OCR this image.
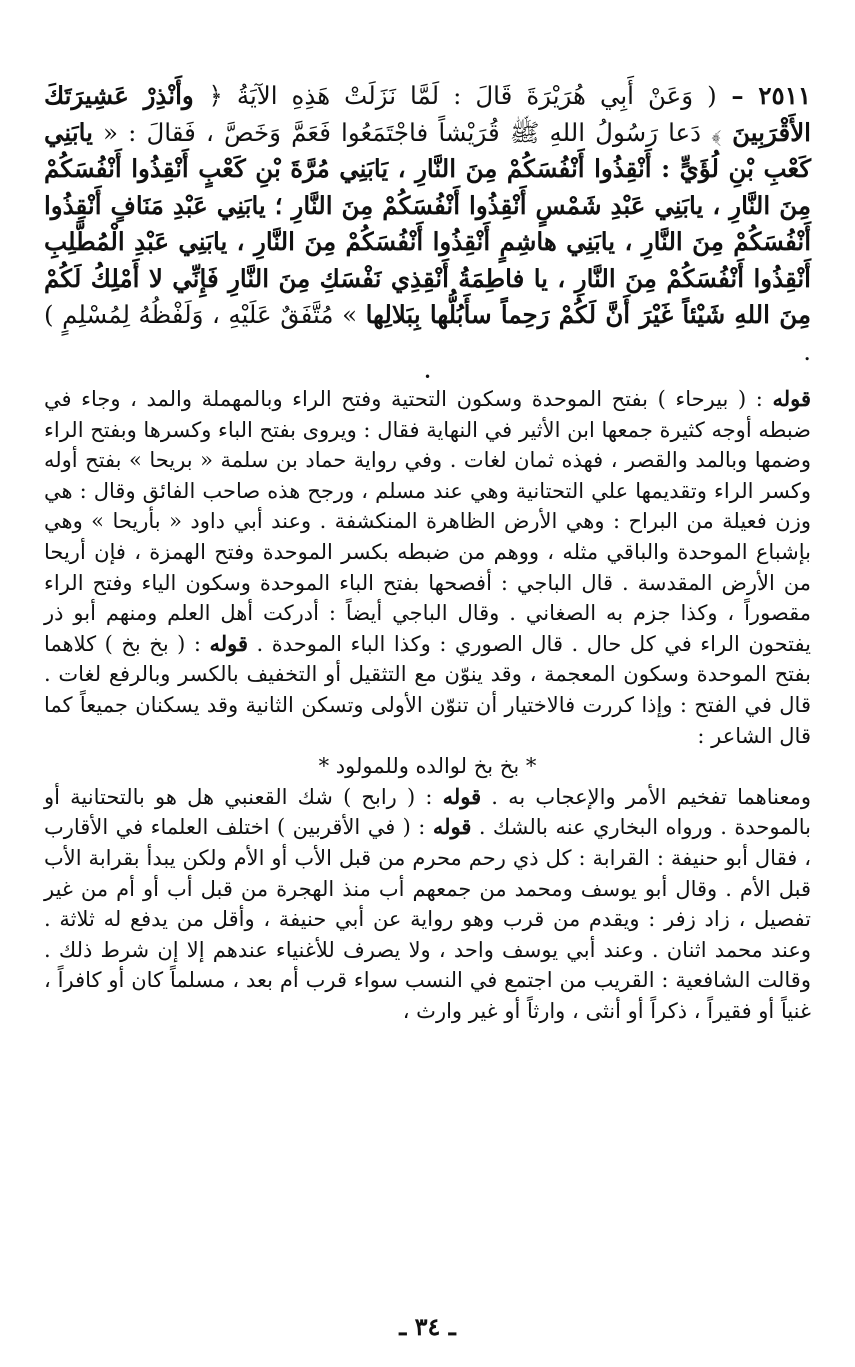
٢٥١١ – ( وَعَنْ أَبِي هُرَيْرَةَ قَالَ : لَمَّا نَزَلَتْ هَذِهِ الآيَةُ ﴿ وأَنْذِرْ عَشِيرَتَكَ الأَقْرَبِينَ ﴾ دَعا رَسُولُ اللهِ ﷺ قُرَيْشاً فاجْتَمَعُوا فَعَمَّ وَخَصَّ ، فَقالَ : « يابَنِي كَعْبِ بْنِ لُؤَيٍّ : أَنْقِذُوا أَنْفُسَكُمْ مِنَ النَّارِ ، يَابَنِي مُرَّةَ بْنِ كَعْبٍ أَنْقِذُوا أَنْفُسَكُمْ مِنَ النَّارِ ، يابَنِي عَبْدِ شَمْسٍ أَنْقِذُوا أَنْفُسَكُمْ مِنَ النَّارِ ؛ يابَنِي عَبْدِ مَنَافٍ أَنْقِذُوا أَنْفُسَكُمْ مِنَ النَّارِ ، يابَنِي هاشِمٍ أَنْقِذُوا أَنْفُسَكُمْ مِنَ النَّارِ ، يابَنِي عَبْدِ الْمُطَّلِبِ أَنْقِذُوا أَنْفُسَكُمْ مِنَ النَّارِ ، يا فاطِمَةُ أَنْقِذِي نَفْسَكِ مِنَ النَّارِ فَإِنِّي لا أَمْلِكُ لَكُمْ مِنَ اللهِ شَيْئاً غَيْرَ أَنَّ لَكُمْ رَحِماً سأَبُلُّها بِبَلالِها » مُتَّفَقٌ عَلَيْهِ ، وَلَفْظُهُ لِمُسْلِمٍ ) .

•

قوله : ( بيرحاء ) بفتح الموحدة وسكون التحتية وفتح الراء وبالمهملة والمد ، وجاء في ضبطه أوجه كثيرة جمعها ابن الأثير في النهاية فقال : ويروى بفتح الباء وكسرها وبفتح الراء وضمها وبالمد والقصر ، فهذه ثمان لغات . وفي رواية حماد بن سلمة « بريحا » بفتح أوله وكسر الراء وتقديمها علي التحتانية وهي عند مسلم ، ورجح هذه صاحب الفائق وقال : هي وزن فعيلة من البراح : وهي الأرض الظاهرة المنكشفة . وعند أبي داود « بأريحا » وهي بإشباع الموحدة والباقي مثله ، ووهم من ضبطه بكسر الموحدة وفتح الهمزة ، فإن أريحا من الأرض المقدسة . قال الباجي : أفصحها بفتح الباء الموحدة وسكون الياء وفتح الراء مقصوراً ، وكذا جزم به الصغاني . وقال الباجي أيضاً : أدركت أهل العلم ومنهم أبو ذر يفتحون الراء في كل حال . قال الصوري : وكذا الباء الموحدة . قوله : ( بخ بخ ) كلاهما بفتح الموحدة وسكون المعجمة ، وقد ينوّن مع التثقيل أو التخفيف بالكسر وبالرفع لغات . قال في الفتح : وإذا كررت فالاختيار أن تنوّن الأولى وتسكن الثانية وقد يسكنان جميعاً كما قال الشاعر :

* بخ بخ لوالده وللمولود *

ومعناهما تفخيم الأمر والإعجاب به . قوله : ( رابح ) شك القعنبي هل هو بالتحتانية أو بالموحدة . ورواه البخاري عنه بالشك . قوله : ( في الأقربين ) اختلف العلماء في الأقارب ، فقال أبو حنيفة : القرابة : كل ذي رحم محرم من قبل الأب أو الأم ولكن يبدأ بقرابة الأب قبل الأم . وقال أبو يوسف ومحمد من جمعهم أب منذ الهجرة من قبل أب أو أم من غير تفصيل ، زاد زفر : ويقدم من قرب وهو رواية عن أبي حنيفة ، وأقل من يدفع له ثلاثة . وعند محمد اثنان . وعند أبي يوسف واحد ، ولا يصرف للأغنياء عندهم إلا إن شرط ذلك . وقالت الشافعية : القريب من اجتمع في النسب سواء قرب أم بعد ، مسلماً كان أو كافراً ، غنياً أو فقيراً ، ذكراً أو أنثى ، وارثاً أو غير وارث ،

ـ ٣٤ ـ
